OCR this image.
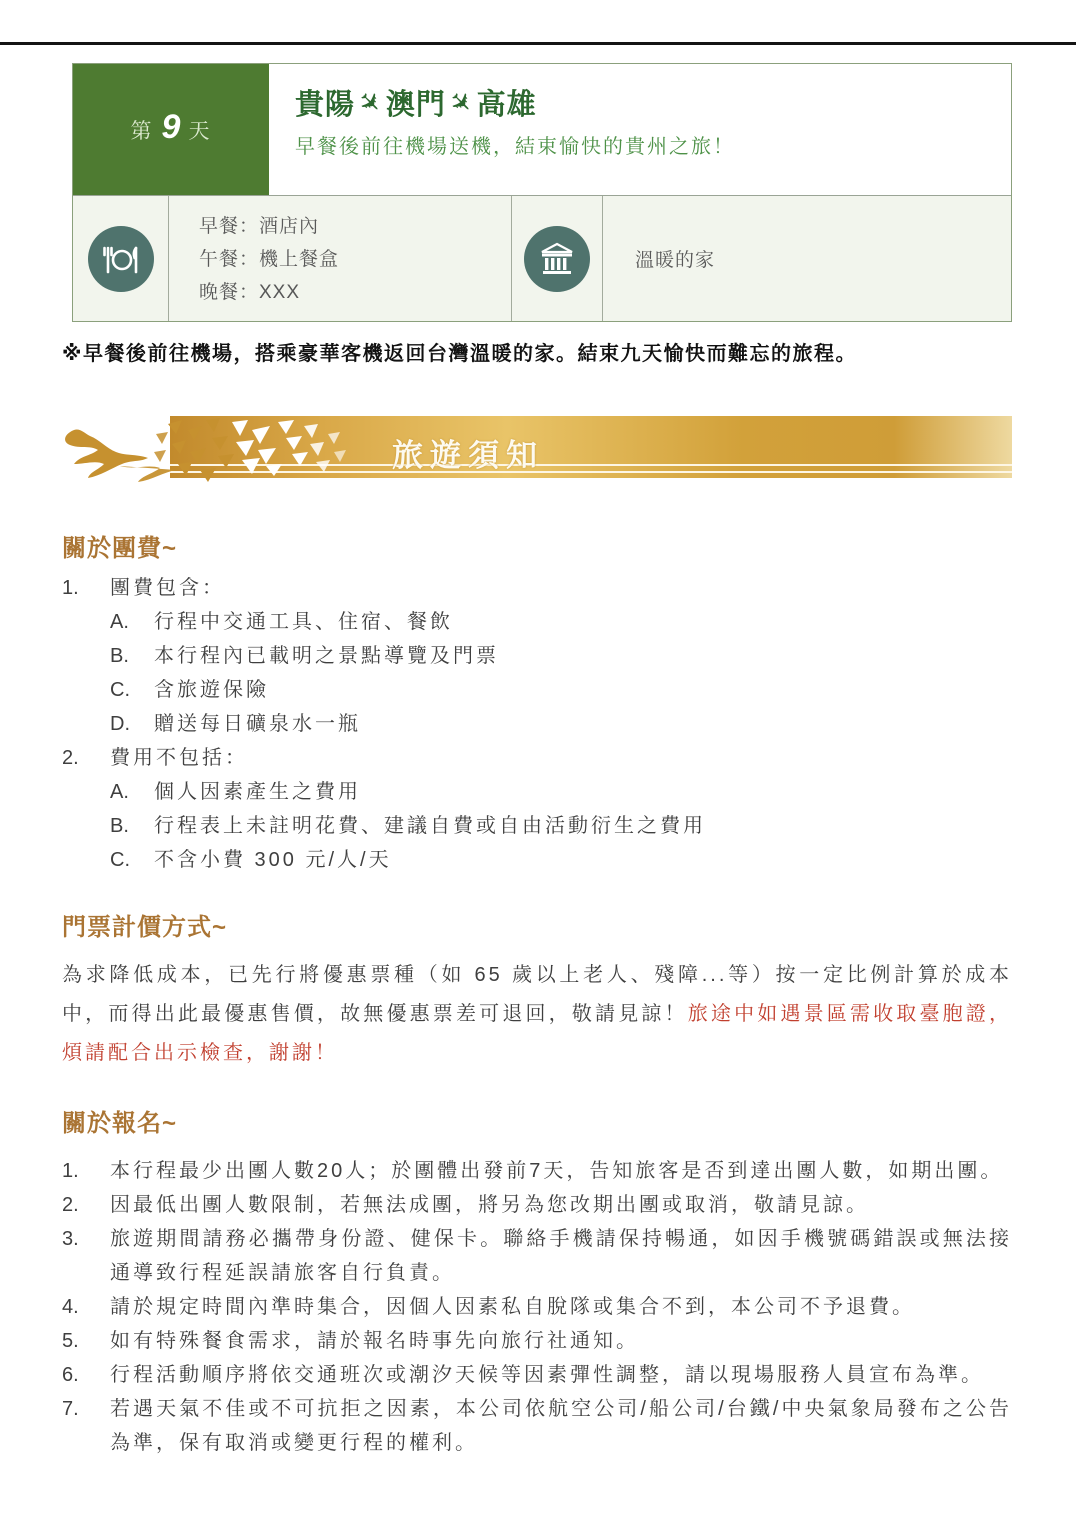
第 9 天
貴陽
✈
澳門
✈
高雄
早餐後前往機場送機，結束愉快的貴州之旅！
早餐：酒店內
午餐：機上餐盒
晚餐：XXX
溫暖的家

※早餐後前往機場，搭乘豪華客機返回台灣溫暖的家。結束九天愉快而難忘的旅程。

旅遊須知
關於團費~
1.	團費包含：
A.	行程中交通工具、住宿、餐飲
B.	本行程內已載明之景點導覽及門票
C.	含旅遊保險
D.	贈送每日礦泉水一瓶
2.	費用不包括：
A.	個人因素產生之費用
B.	行程表上未註明花費、建議自費或自由活動衍生之費用
C.	不含小費 300 元/人/天
門票計價方式~

為求降低成本，已先行將優惠票種（如 65 歲以上老人、殘障...等）按一定比例計算於成本中，而得出此最優惠售價，故無優惠票差可退回，敬請見諒！旅途中如遇景區需收取臺胞證，煩請配合出示檢查，謝謝！

關於報名~
1.	本行程最少出團人數20人；於團體出發前7天，告知旅客是否到達出團人數，如期出團。
2.	因最低出團人數限制，若無法成團，將另為您改期出團或取消，敬請見諒。
3.	旅遊期間請務必攜帶身份證、健保卡。聯絡手機請保持暢通，如因手機號碼錯誤或無法接通導致行程延誤請旅客自行負責。
4.	請於規定時間內準時集合，因個人因素私自脫隊或集合不到，本公司不予退費。
5.	如有特殊餐食需求，請於報名時事先向旅行社通知。
6.	行程活動順序將依交通班次或潮汐天候等因素彈性調整，請以現場服務人員宣布為準。
7.	若遇天氣不佳或不可抗拒之因素，本公司依航空公司/船公司/台鐵/中央氣象局發布之公告為準，保有取消或變更行程的權利。
